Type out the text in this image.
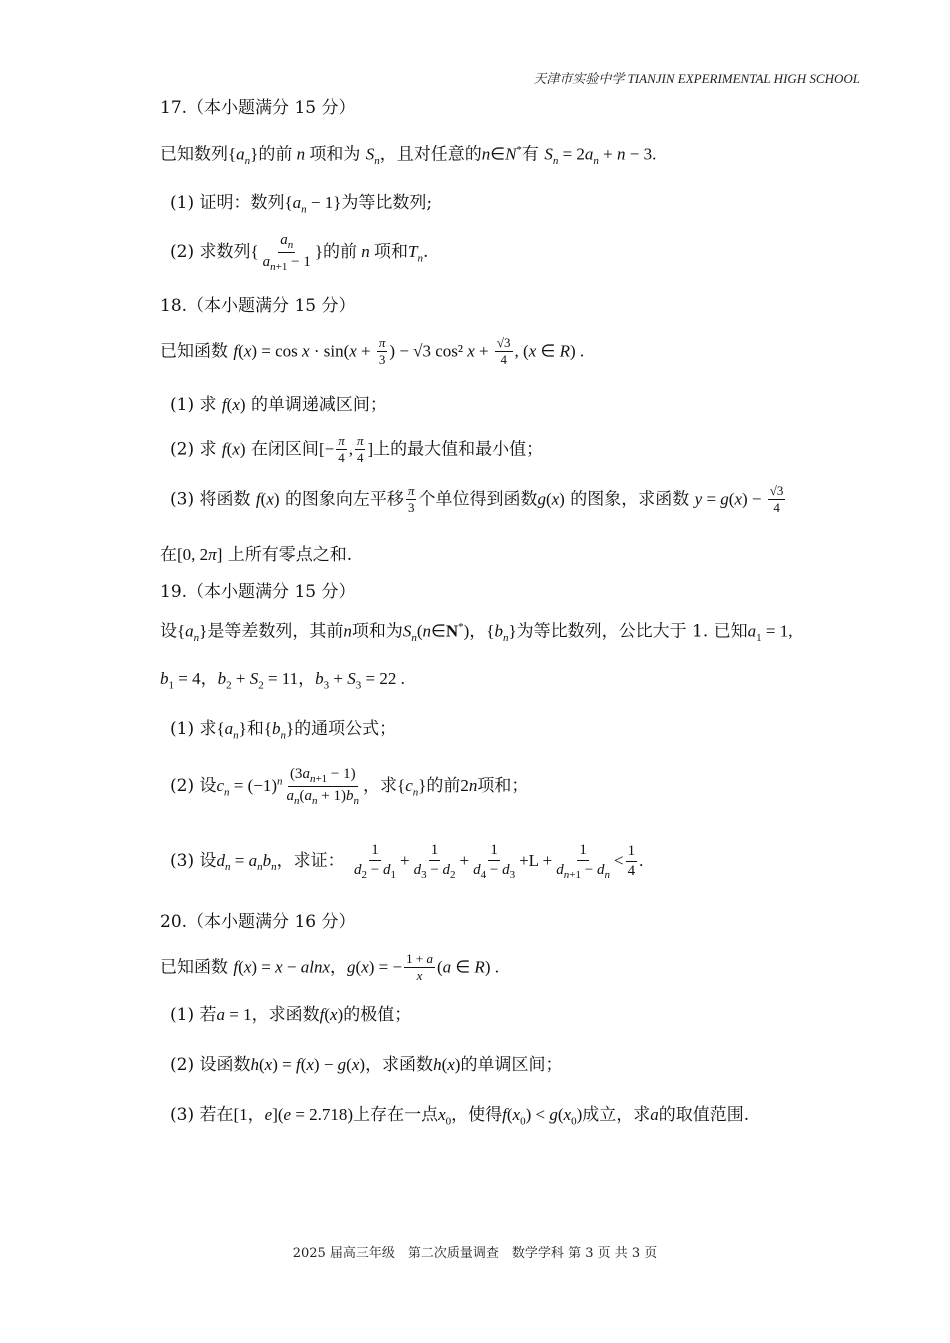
天津市实验中学 TIANJIN EXPERIMENTAL HIGH SCHOOL
17.（本小题满分 15 分）
已知数列$\{a_n\}$的前 n 项和为 $S_n$，且对任意的n∈N*有 $S_n = 2a_n + n - 3$.
(1) 证明：数列$\{a_n - 1\}$为等比数列;
(2) 求数列{ $\frac{a_n}{a_{n+1} - 1}$ }的前 n 项和$T_n$.
18.（本小题满分 15 分）
已知函数 $f(x) = \cos x \cdot \sin(x + \frac{\pi}{3}$ ) − √3 cos² $x + \frac{√3}{4}$ , (x ∈ R) .
(1) 求 f(x) 的单调递减区间；
(2) 求 f(x) 在闭区间[− $\frac{\pi}{4}$ , $\frac{\pi}{4}$ ]上的最大值和最小值；
(3) 将函数 f(x) 的图象向左平移 $\frac{\pi}{3}$ 个单位得到函数g(x) 的图象，求函数 $y = g(x) - \frac{√3}{4}$
在[0, 2π] 上所有零点之和.
19.（本小题满分 15 分）
设$\{a_n\}$是等差数列，其前n项和为$S_n(n\in N^*)$，$\{b_n\}$为等比数列，公比大于 1. 已知$a_1 = 1$,
$b_1 = 4$，$b_2 + S_2 = 11$，$b_3 + S_3 = 22$ .
(1) 求$\{a_n\}$和$\{b_n\}$的通项公式；
(2) 设$c_n = (-1)^n \frac{(3a_{n+1} - 1)}{a_n(a_n + 1)b_n}$ ，求$\{c_n\}$的前2n项和；
(3) 设$d_n = a_nb_n$，求证： $\frac{1}{d_2 - d_1} + \frac{1}{d_3 - d_2} + \frac{1}{d_4 - d_3} +L + \frac{1}{d_{n+1} - d_n} < \frac{1}{4}$ .
20.（本小题满分 16 分）
已知函数 f(x) = x − alnx，g(x) = − $\frac{1 + a}{x} (a$ ∈ R) .
(1) 若a = 1，求函数f(x)的极值；
(2) 设函数h(x) = f(x) − g(x)，求函数h(x)的单调区间；
(3) 若在[1，e](e = 2.718)上存在一点$x_0$，使得$f(x_0) < g(x_0)$成立，求a的取值范围.
2025 届高三年级　第二次质量调查　数学学科 第 3 页 共 3 页
